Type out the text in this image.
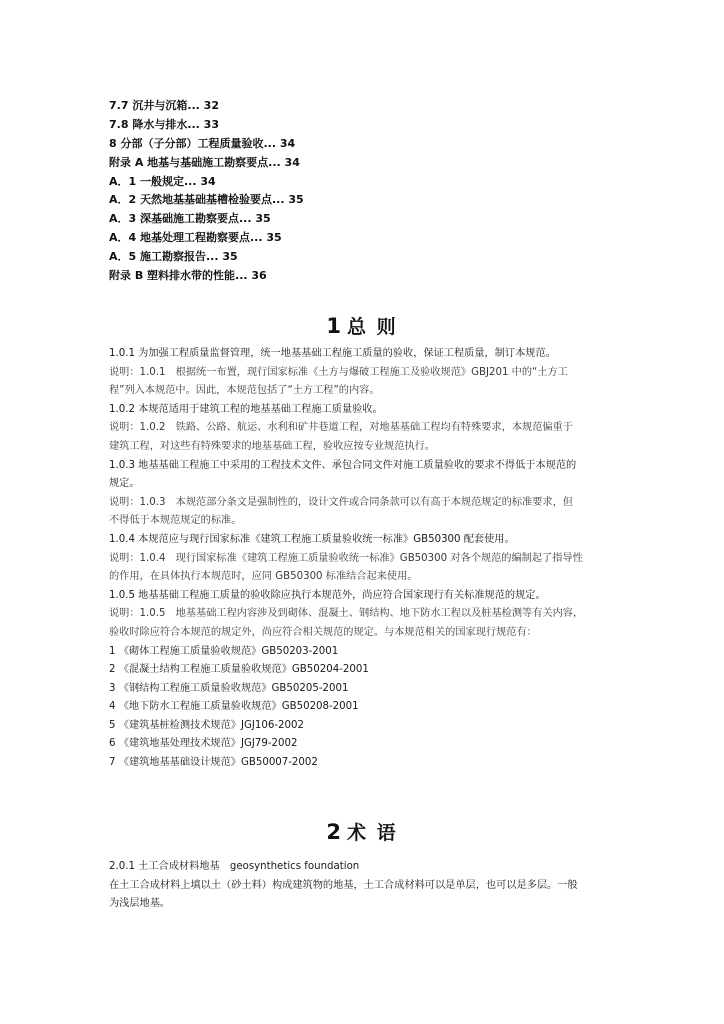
7.7 沉井与沉箱... 32
7.8 降水与排水... 33
8 分部（子分部）工程质量验收... 34
附录 A 地基与基础施工勘察要点... 34
A．1 一般规定... 34
A．2 天然地基基础基槽检验要点... 35
A．3 深基础施工勘察要点... 35
A．4 地基处理工程勘察要点... 35
A．5 施工勘察报告... 35
附录 B 塑料排水带的性能... 36
1 总 则
1.0.1 为加强工程质量监督管理，统一地基基础工程施工质量的验收，保证工程质量，制订本规范。
说明：1.0.1　根据统一布置，现行国家标准《土方与爆破工程施工及验收规范》GBJ201 中的“土方工
程”列入本规范中。因此，本规范包括了“土方工程”的内容。
1.0.2 本规范适用于建筑工程的地基基础工程施工质量验收。
说明：1.0.2　铁路、公路、航运、水利和矿井巷道工程，对地基基础工程均有特殊要求，本规范偏重于
建筑工程，对这些有特殊要求的地基基础工程，验收应按专业规范执行。
1.0.3 地基基础工程施工中采用的工程技术文件、承包合同文件对施工质量验收的要求不得低于本规范的
规定。
说明：1.0.3　本规范部分条文是强制性的，设计文件或合同条款可以有高于本规范规定的标准要求，但
不得低于本规范规定的标准。
1.0.4 本规范应与现行国家标准《建筑工程施工质量验收统一标准》GB50300 配套使用。
说明：1.0.4　现行国家标准《建筑工程施工质量验收统一标准》GB50300 对各个规范的编制起了指导性
的作用，在具体执行本规范时，应同 GB50300 标准结合起来使用。
1.0.5 地基基础工程施工质量的验收除应执行本规范外，尚应符合国家现行有关标准规范的规定。
说明：1.0.5　地基基础工程内容涉及到砌体、混凝土、钢结构、地下防水工程以及桩基检测等有关内容，
验收时除应符合本规范的规定外，尚应符合相关规范的规定。与本规范相关的国家现行规范有：
1 《砌体工程施工质量验收规范》GB50203-2001
2 《混凝土结构工程施工质量验收规范》GB50204-2001
3 《钢结构工程施工质量验收规范》GB50205-2001
4 《地下防水工程施工质量验收规范》GB50208-2001
5 《建筑基桩检测技术规范》JGJ106-2002
6 《建筑地基处理技术规范》JGJ79-2002
7 《建筑地基基础设计规范》GB50007-2002
2 术 语
2.0.1 土工合成材料地基　geosynthetics foundation
在土工合成材料上填以土（砂土料）构成建筑物的地基，土工合成材料可以是单层，也可以是多层。一般
为浅层地基。
